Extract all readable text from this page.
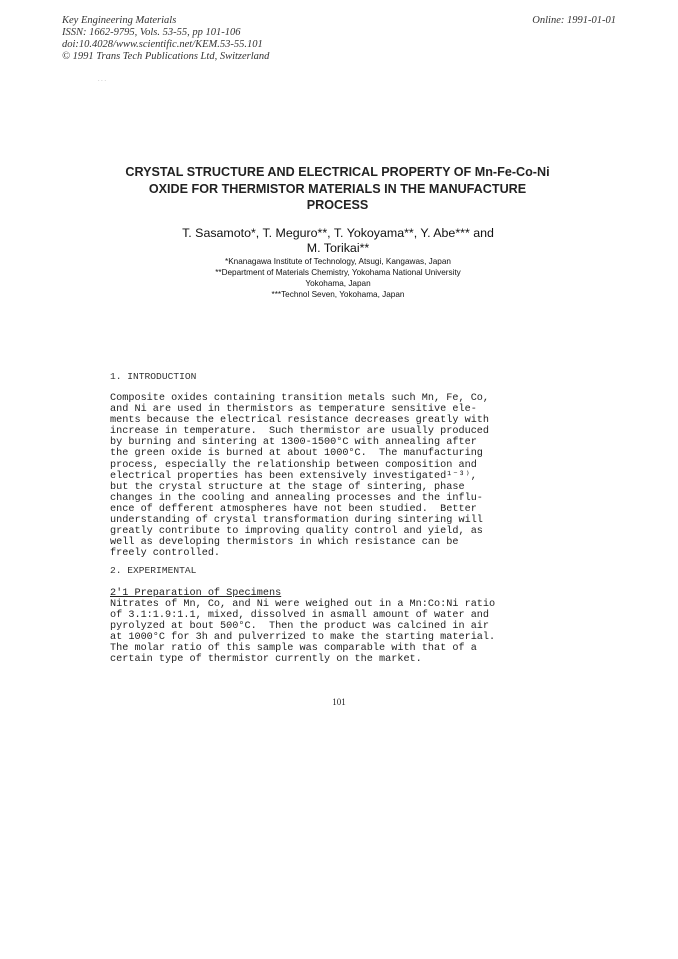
Key Engineering Materials
ISSN: 1662-9795, Vols. 53-55, pp 101-106
doi:10.4028/www.scientific.net/KEM.53-55.101
© 1991 Trans Tech Publications Ltd, Switzerland
Online: 1991-01-01
· · ·
CRYSTAL STRUCTURE AND ELECTRICAL PROPERTY OF Mn-Fe-Co-Ni
OXIDE FOR THERMISTOR MATERIALS IN THE MANUFACTURE
PROCESS
T. Sasamoto*, T. Meguro**, T. Yokoyama**, Y. Abe*** and
M. Torikai**
*Knanagawa Institute of Technology, Atsugi, Kangawas, Japan
**Department of Materials Chemistry, Yokohama National University
Yokohama, Japan
***Technol Seven, Yokohama, Japan
1. INTRODUCTION
Composite oxides containing transition metals such Mn, Fe, Co,
and Ni are used in thermistors as temperature sensitive ele-
ments because the electrical resistance decreases greatly with
increase in temperature.  Such thermistor are usually produced
by burning and sintering at 1300-1500°C with annealing after
the green oxide is burned at about 1000°C.  The manufacturing
process, especially the relationship between composition and
electrical properties has been extensively investigated¹⁻³⁾,
but the crystal structure at the stage of sintering, phase
changes in the cooling and annealing processes and the influ-
ence of defferent atmospheres have not been studied.  Better
understanding of crystal transformation during sintering will
greatly contribute to improving quality control and yield, as
well as developing thermistors in which resistance can be
freely controlled.
2. EXPERIMENTAL
2'1 Preparation of Specimens
Nitrates of Mn, Co, and Ni were weighed out in a Mn:Co:Ni ratio
of 3.1:1.9:1.1, mixed, dissolved in asmall amount of water and
pyrolyzed at bout 500°C.  Then the product was calcined in air
at 1000°C for 3h and pulverrized to make the starting material.
The molar ratio of this sample was comparable with that of a
certain type of thermistor currently on the market.
101
